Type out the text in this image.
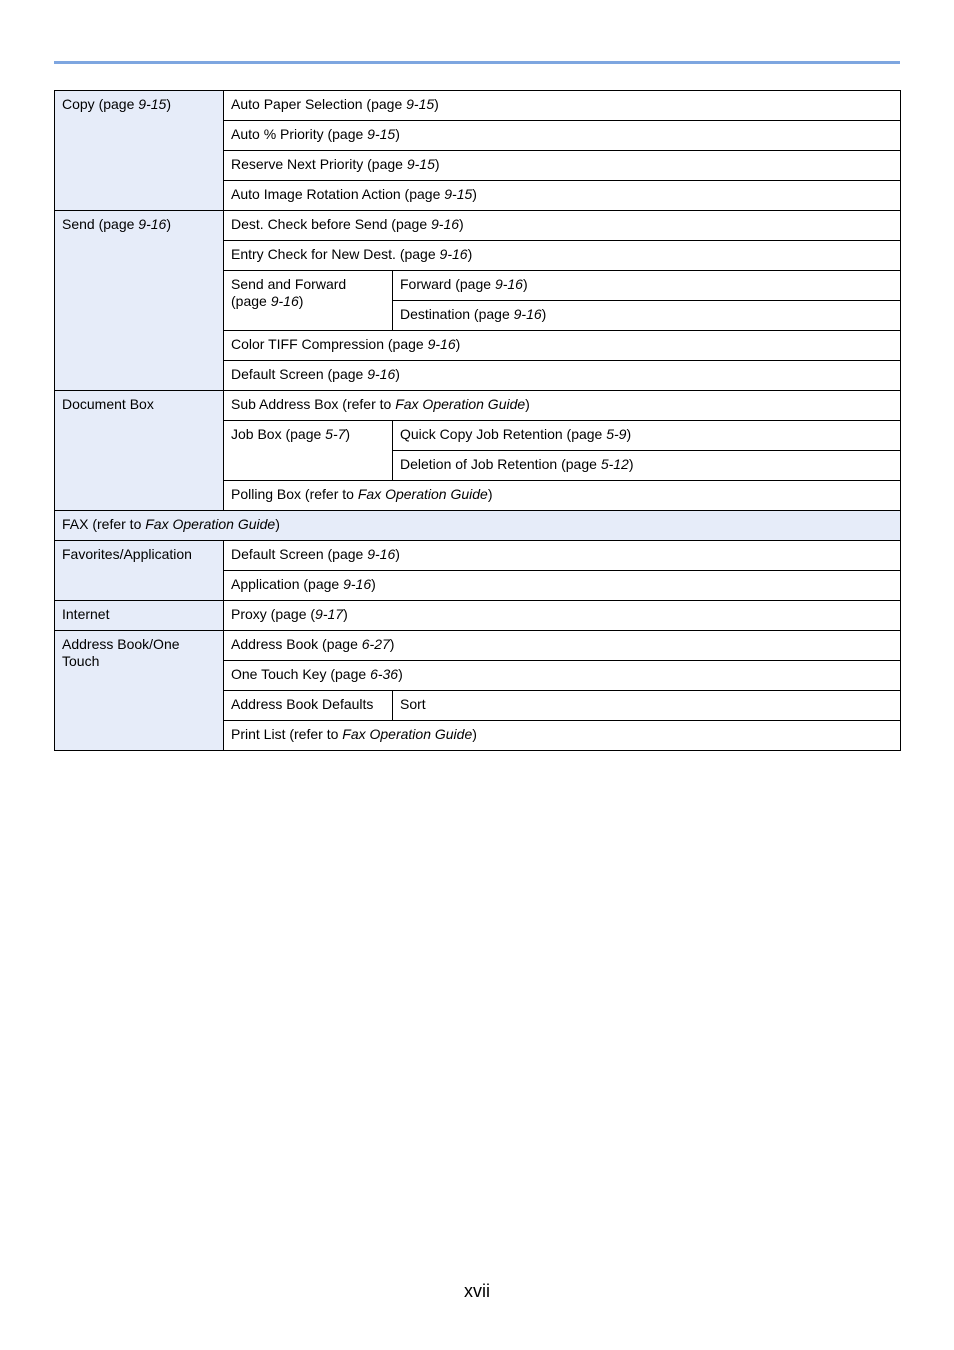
Copy (page 9-15)	Auto Paper Selection (page 9-15)	
	Auto % Priority (page 9-15)	
	Reserve Next Priority (page 9-15)	
	Auto Image Rotation Action (page 9-15)	
Send (page 9-16)	Dest. Check before Send (page 9-16)	
	Entry Check for New Dest. (page 9-16)	
	Send and Forward (page 9-16)	Forward (page 9-16)
		Destination (page 9-16)
	Color TIFF Compression (page 9-16)	
	Default Screen (page 9-16)	
Document Box	Sub Address Box (refer to Fax Operation Guide)	
	Job Box (page 5-7)	Quick Copy Job Retention (page 5-9)
		Deletion of Job Retention (page 5-12)
	Polling Box (refer to Fax Operation Guide)	
FAX (refer to Fax Operation Guide)		
Favorites/Application	Default Screen (page 9-16)	
	Application (page 9-16)	
Internet	Proxy (page (9-17)	
Address Book/One Touch	Address Book (page 6-27)	
	One Touch Key (page 6-36)	
	Address Book Defaults	Sort
	Print List (refer to Fax Operation Guide)	
xvii
